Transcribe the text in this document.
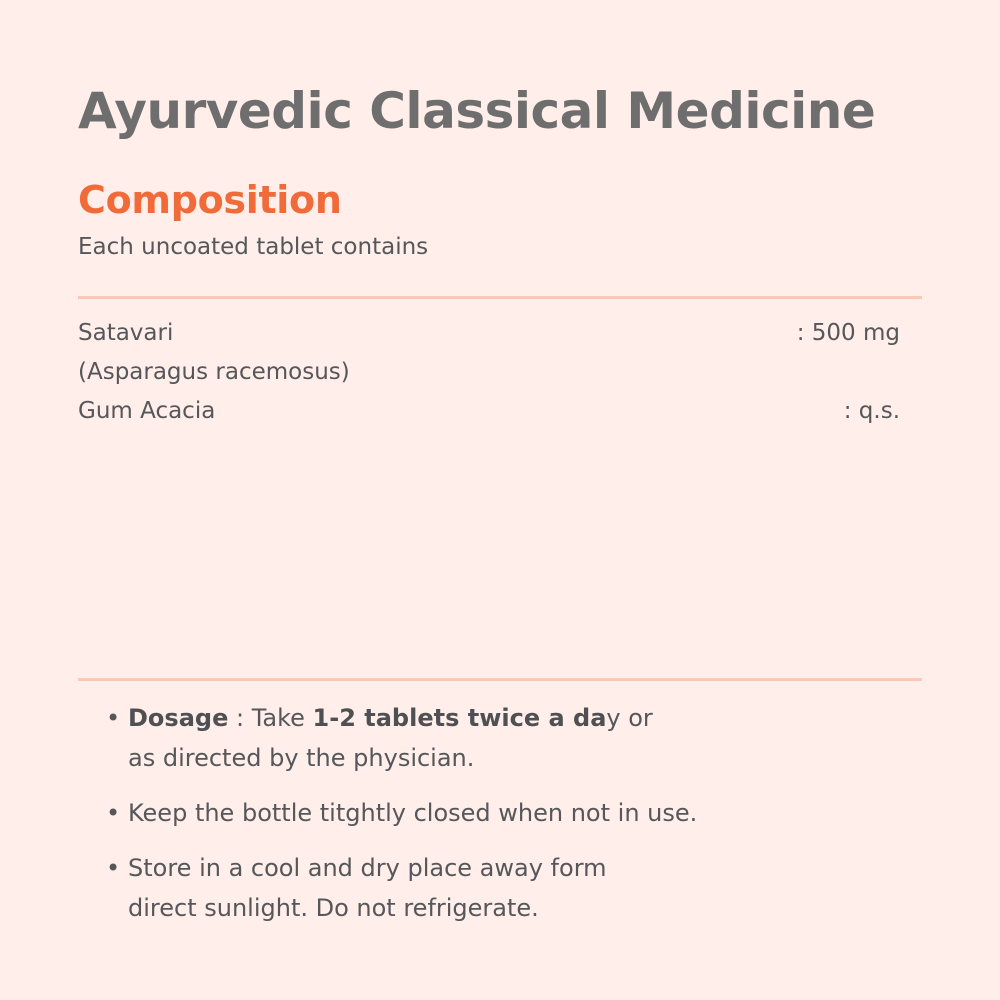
Ayurvedic Classical Medicine
Composition

Each uncoated tablet contains

Satavari
(Asparagus racemosus)
: 500 mg
Gum Acacia	: q.s.
• Dosage : Take 1-2 tablets twice a day or
as directed by the physician.
• Keep the bottle titghtly closed when not in use.
• Store in a cool and dry place away form
direct sunlight. Do not refrigerate.
